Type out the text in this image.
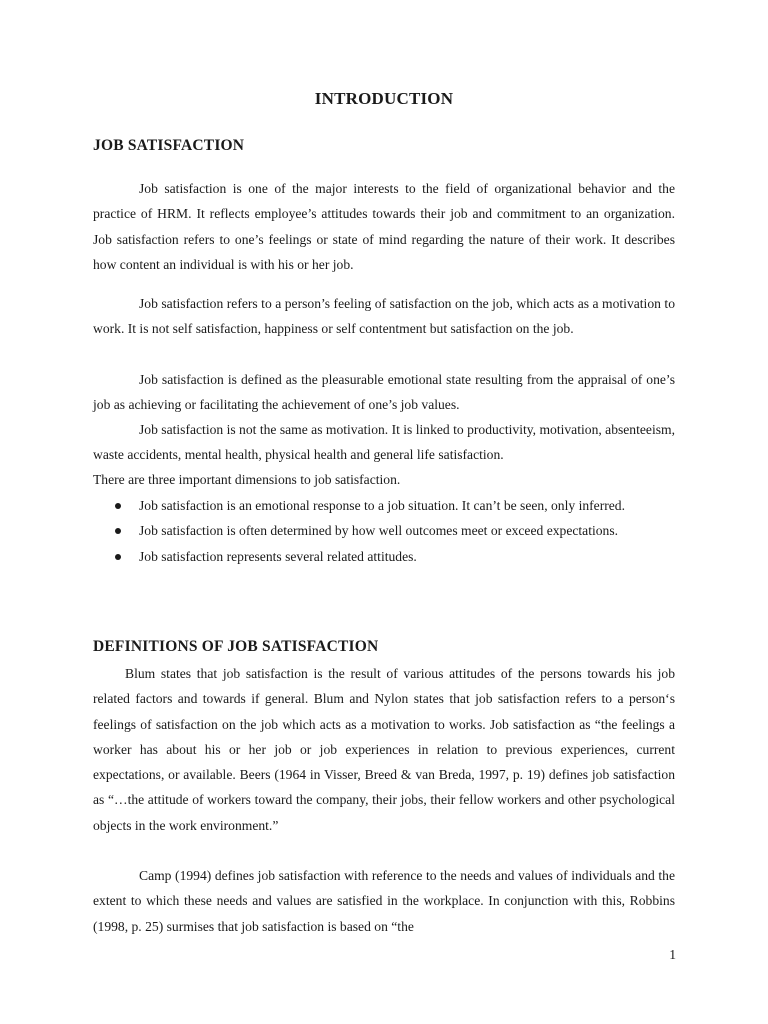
INTRODUCTION
JOB SATISFACTION

Job satisfaction is one of the major interests to the field of organizational behavior and the practice of HRM. It reflects employee’s attitudes towards their job and commitment to an organization. Job satisfaction refers to one’s feelings or state of mind regarding the nature of their work. It describes how content an individual is with his or her job.

Job satisfaction refers to a person’s feeling of satisfaction on the job, which acts as a motivation to work. It is not self satisfaction, happiness or self contentment but satisfaction on the job.

Job satisfaction is defined as the pleasurable emotional state resulting from the appraisal of one’s job as achieving or facilitating the achievement of one’s job values.

Job satisfaction is not the same as motivation. It is linked to productivity, motivation, absenteeism, waste accidents, mental health, physical health and general life satisfaction.

There are three important dimensions to job satisfaction.

Job satisfaction is an emotional response to a job situation. It can’t be seen, only inferred.
Job satisfaction is often determined by how well outcomes meet or exceed expectations.
Job satisfaction represents several related attitudes.
DEFINITIONS OF JOB SATISFACTION

Blum states that job satisfaction is the result of various attitudes of the persons towards his job related factors and towards if general. Blum and Nylon states that job satisfaction refers to a person‘s feelings of satisfaction on the job which acts as a motivation to works. Job satisfaction as “the feelings a worker has about his or her job or job experiences in relation to previous experiences, current expectations, or available. Beers (1964 in Visser, Breed & van Breda, 1997, p. 19) defines job satisfaction as “…the attitude of workers toward the company, their jobs, their fellow workers and other psychological objects in the work environment.”

Camp (1994) defines job satisfaction with reference to the needs and values of individuals and the extent to which these needs and values are satisfied in the workplace. In conjunction with this, Robbins (1998, p. 25) surmises that job satisfaction is based on “the

1
